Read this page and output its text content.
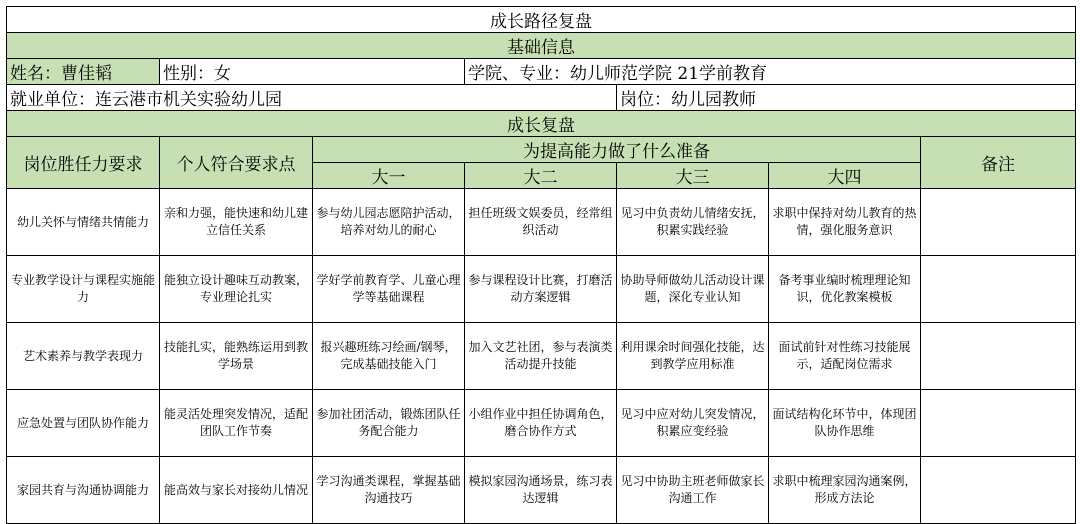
成长路径复盘						
基础信息						
姓名：曹佳韬	性别：女		学院、专业：幼儿师范学院 21学前教育			
就业单位：连云港市机关实验幼儿园				岗位：幼儿园教师		
成长复盘						
岗位胜任力要求	个人符合要求点	为提高能力做了什么准备				备注
		大一	大二	大三	大四	
幼儿关怀与情绪共情能力	亲和力强，能快速和幼儿建立信任关系	参与幼儿园志愿陪护活动，培养对幼儿的耐心	担任班级文娱委员，经常组织活动	见习中负责幼儿情绪安抚，积累实践经验	求职中保持对幼儿教育的热情，强化服务意识	
专业教学设计与课程实施能力	能独立设计趣味互动教案，专业理论扎实	学好学前教育学、儿童心理学等基础课程	参与课程设计比赛，打磨活动方案逻辑	协助导师做幼儿活动设计课题，深化专业认知	备考事业编时梳理理论知识，优化教案模板	
艺术素养与教学表现力	技能扎实，能熟练运用到教学场景	报兴趣班练习绘画/钢琴，完成基础技能入门	加入文艺社团，参与表演类活动提升技能	利用课余时间强化技能，达到教学应用标准	面试前针对性练习技能展示，适配岗位需求	
应急处置与团队协作能力	能灵活处理突发情况，适配团队工作节奏	参加社团活动，锻炼团队任务配合能力	小组作业中担任协调角色，磨合协作方式	见习中应对幼儿突发情况，积累应变经验	面试结构化环节中，体现团队协作思维	
家园共育与沟通协调能力	能高效与家长对接幼儿情况	学习沟通类课程，掌握基础沟通技巧	模拟家园沟通场景，练习表达逻辑	见习中协助主班老师做家长沟通工作	求职中梳理家园沟通案例，形成方法论	
